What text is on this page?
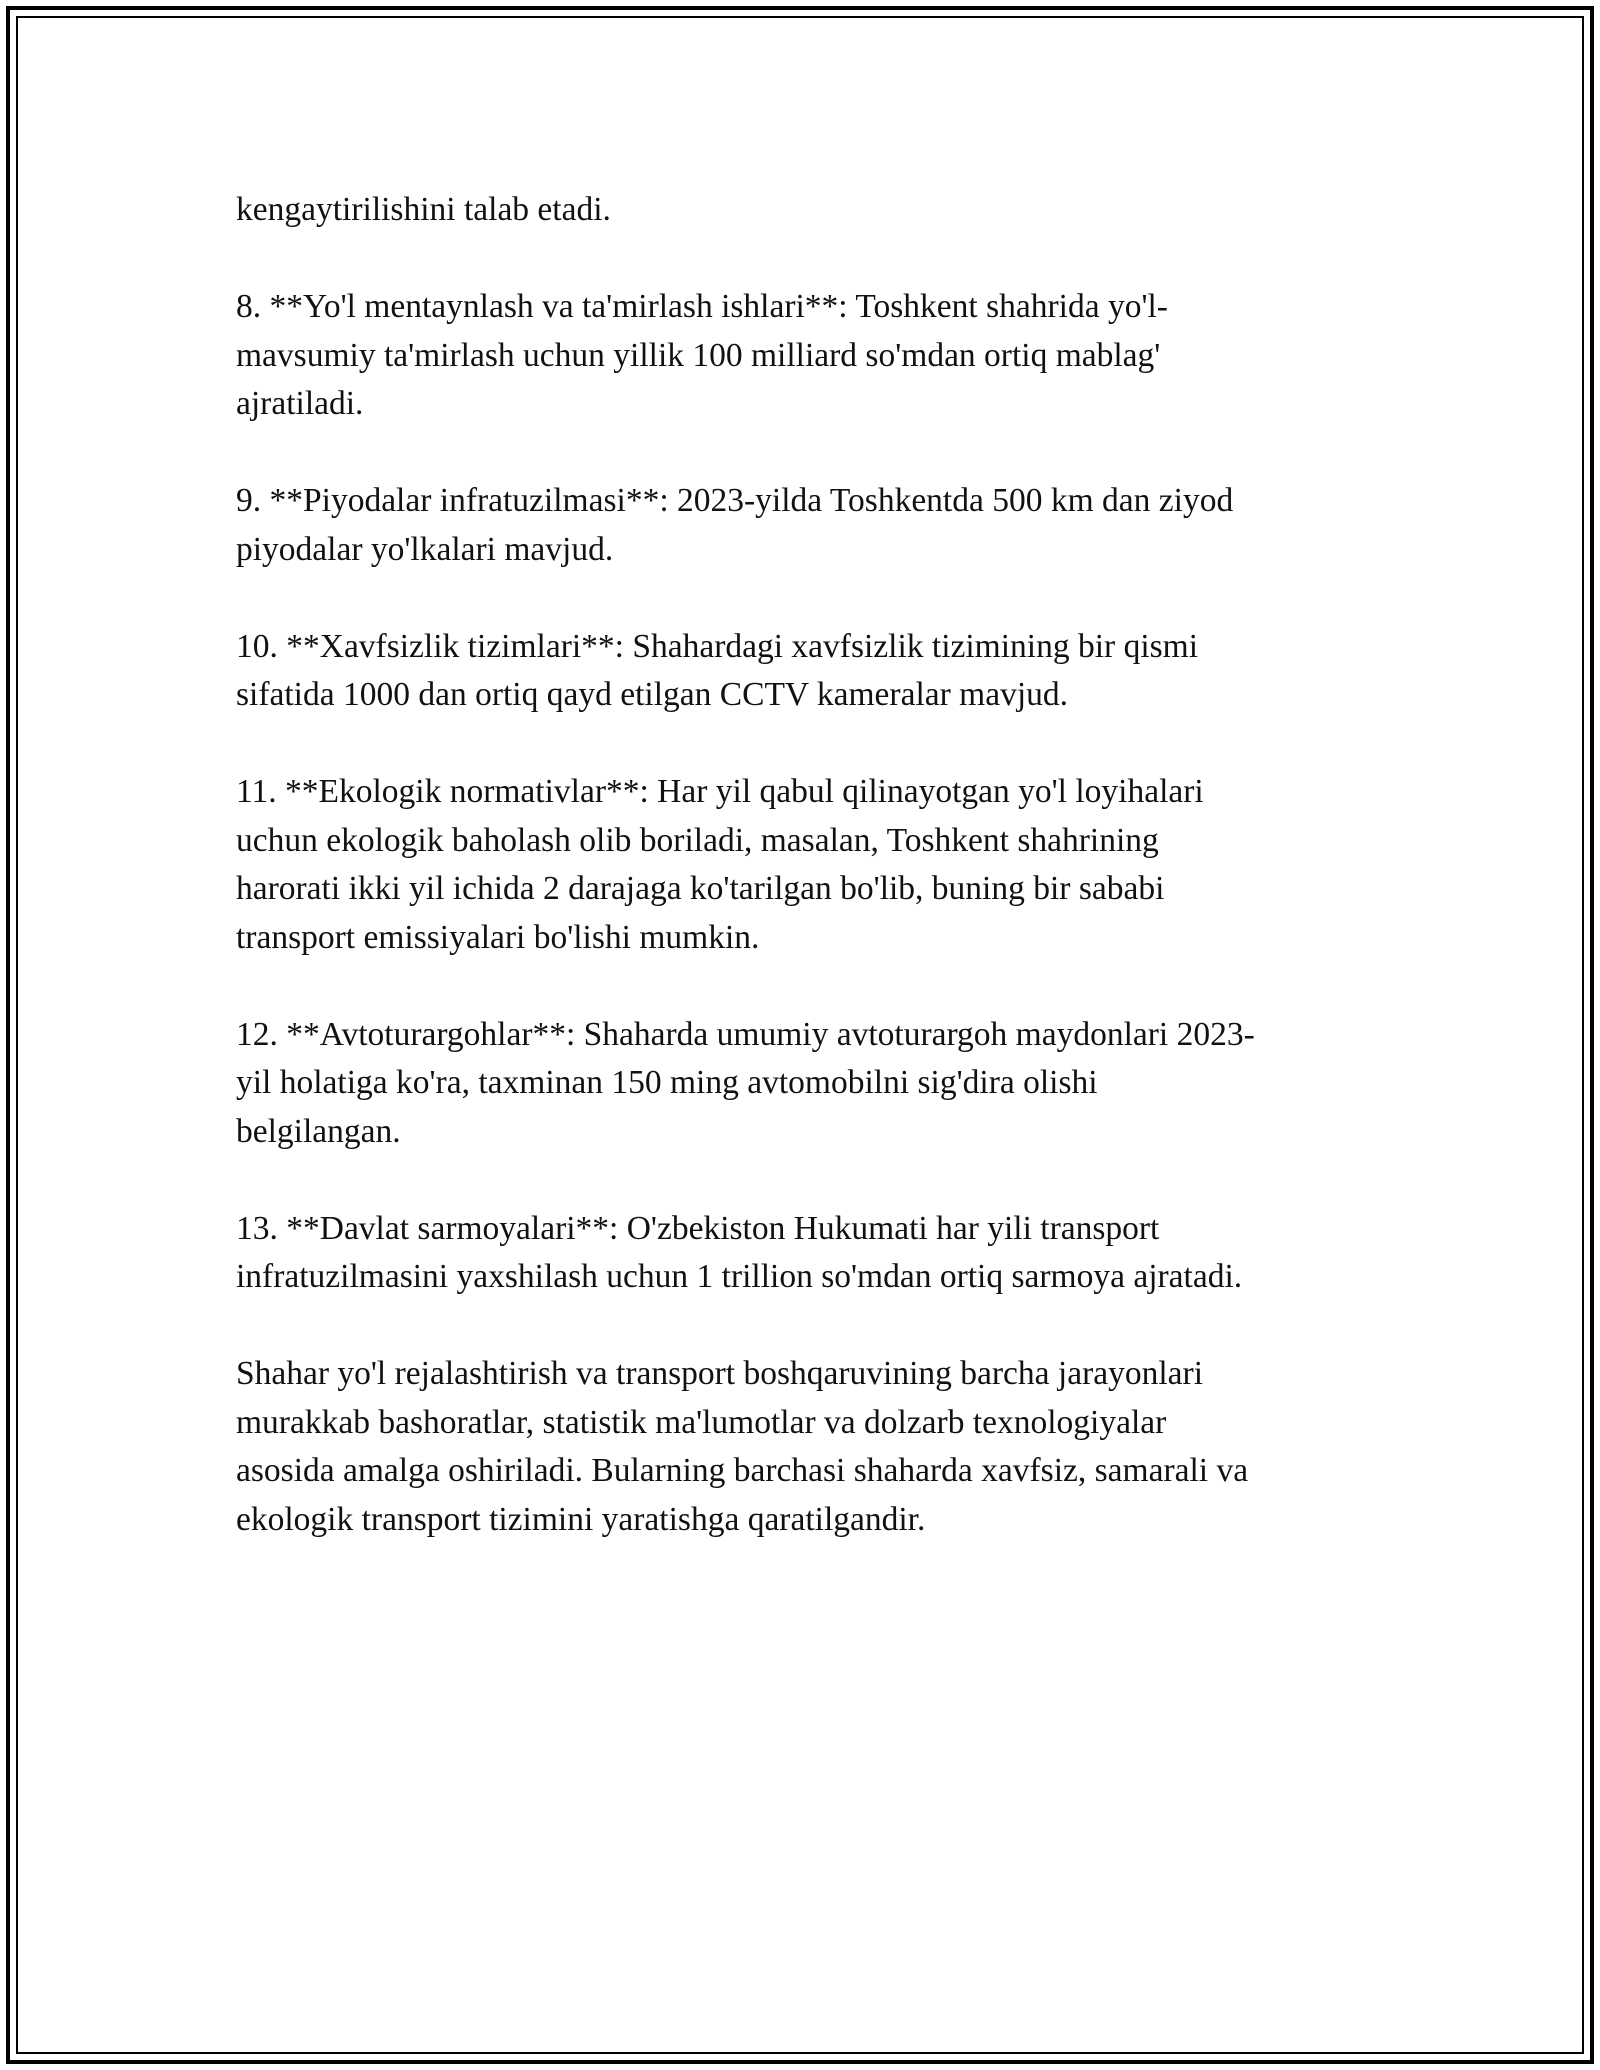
kengaytirilishini talab etadi.

8. **Yo'l mentaynlash va ta'mirlash ishlari**: Toshkent shahrida yo'l-
mavsumiy ta'mirlash uchun yillik 100 milliard so'mdan ortiq mablag'
ajratiladi.

9. **Piyodalar infratuzilmasi**: 2023-yilda Toshkentda 500 km dan ziyod
piyodalar yo'lkalari mavjud.

10. **Xavfsizlik tizimlari**: Shahardagi xavfsizlik tizimining bir qismi
sifatida 1000 dan ortiq qayd etilgan CCTV kameralar mavjud.

11. **Ekologik normativlar**: Har yil qabul qilinayotgan yo'l loyihalari
uchun ekologik baholash olib boriladi, masalan, Toshkent shahrining
harorati ikki yil ichida 2 darajaga ko'tarilgan bo'lib, buning bir sababi
transport emissiyalari bo'lishi mumkin.

12. **Avtoturargohlar**: Shaharda umumiy avtoturargoh maydonlari 2023-
yil holatiga ko'ra, taxminan 150 ming avtomobilni sig'dira olishi
belgilangan.

13. **Davlat sarmoyalari**: O'zbekiston Hukumati har yili transport
infratuzilmasini yaxshilash uchun 1 trillion so'mdan ortiq sarmoya ajratadi.

Shahar yo'l rejalashtirish va transport boshqaruvining barcha jarayonlari
murakkab bashoratlar, statistik ma'lumotlar va dolzarb texnologiyalar
asosida amalga oshiriladi. Bularning barchasi shaharda xavfsiz, samarali va
ekologik transport tizimini yaratishga qaratilgandir.
